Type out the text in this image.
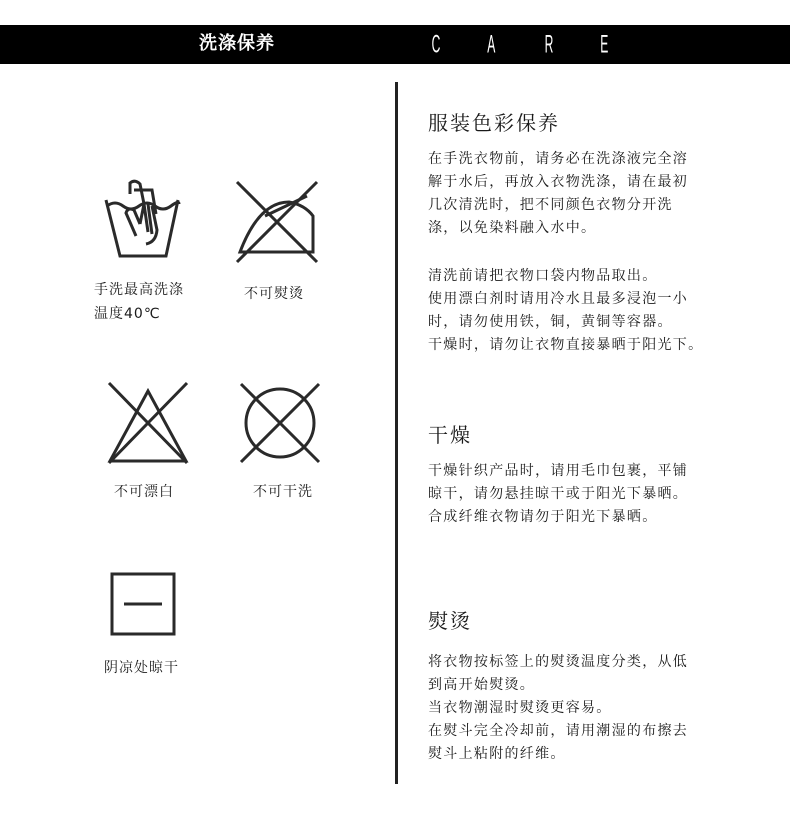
洗涤保养	C A R E
手洗最高洗涤
温度40℃
不可熨烫
不可漂白	不可干洗
阴凉处晾干
服装色彩保养
在手洗衣物前，请务必在洗涤液完全溶
解于水后，再放入衣物洗涤，请在最初
几次清洗时，把不同颜色衣物分开洗
涤，以免染料融入水中。
清洗前请把衣物口袋内物品取出。
使用漂白剂时请用冷水且最多浸泡一小
时，请勿使用铁，铜，黄铜等容器。
干燥时，请勿让衣物直接暴晒于阳光下。
干燥
干燥针织产品时，请用毛巾包裹，平铺
晾干，请勿悬挂晾干或于阳光下暴晒。
合成纤维衣物请勿于阳光下暴晒。
熨烫
将衣物按标签上的熨烫温度分类，从低
到高开始熨烫。
当衣物潮湿时熨烫更容易。
在熨斗完全冷却前，请用潮湿的布擦去
熨斗上粘附的纤维。
